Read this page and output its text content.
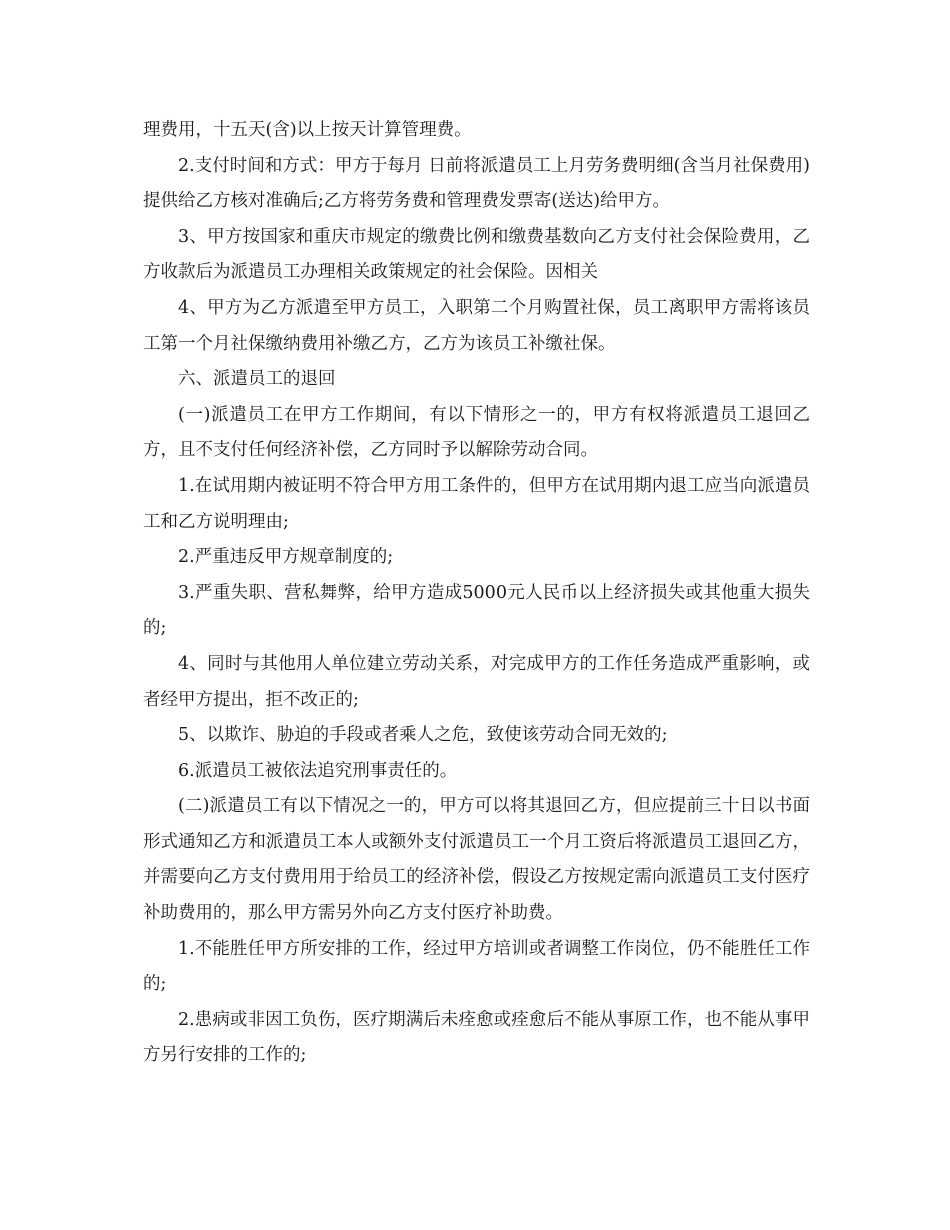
理费用，十五天(含)以上按天计算管理费。

2.支付时间和方式：甲方于每月 日前将派遣员工上月劳务费明细(含当月社保费用)提供给乙方核对准确后;乙方将劳务费和管理费发票寄(送达)给甲方。

3、甲方按国家和重庆市规定的缴费比例和缴费基数向乙方支付社会保险费用，乙方收款后为派遣员工办理相关政策规定的社会保险。因相关

4、甲方为乙方派遣至甲方员工，入职第二个月购置社保，员工离职甲方需将该员工第一个月社保缴纳费用补缴乙方，乙方为该员工补缴社保。

六、派遣员工的退回

(一)派遣员工在甲方工作期间，有以下情形之一的，甲方有权将派遣员工退回乙方，且不支付任何经济补偿，乙方同时予以解除劳动合同。

1.在试用期内被证明不符合甲方用工条件的，但甲方在试用期内退工应当向派遣员工和乙方说明理由;

2.严重违反甲方规章制度的;

3.严重失职、营私舞弊，给甲方造成5000元人民币以上经济损失或其他重大损失的;

4、同时与其他用人单位建立劳动关系，对完成甲方的工作任务造成严重影响，或者经甲方提出，拒不改正的;

5、以欺诈、胁迫的手段或者乘人之危，致使该劳动合同无效的;

6.派遣员工被依法追究刑事责任的。

(二)派遣员工有以下情况之一的，甲方可以将其退回乙方，但应提前三十日以书面形式通知乙方和派遣员工本人或额外支付派遣员工一个月工资后将派遣员工退回乙方，并需要向乙方支付费用用于给员工的经济补偿，假设乙方按规定需向派遣员工支付医疗补助费用的，那么甲方需另外向乙方支付医疗补助费。

1.不能胜任甲方所安排的工作，经过甲方培训或者调整工作岗位，仍不能胜任工作的;

2.患病或非因工负伤，医疗期满后未痊愈或痊愈后不能从事原工作，也不能从事甲方另行安排的工作的;
